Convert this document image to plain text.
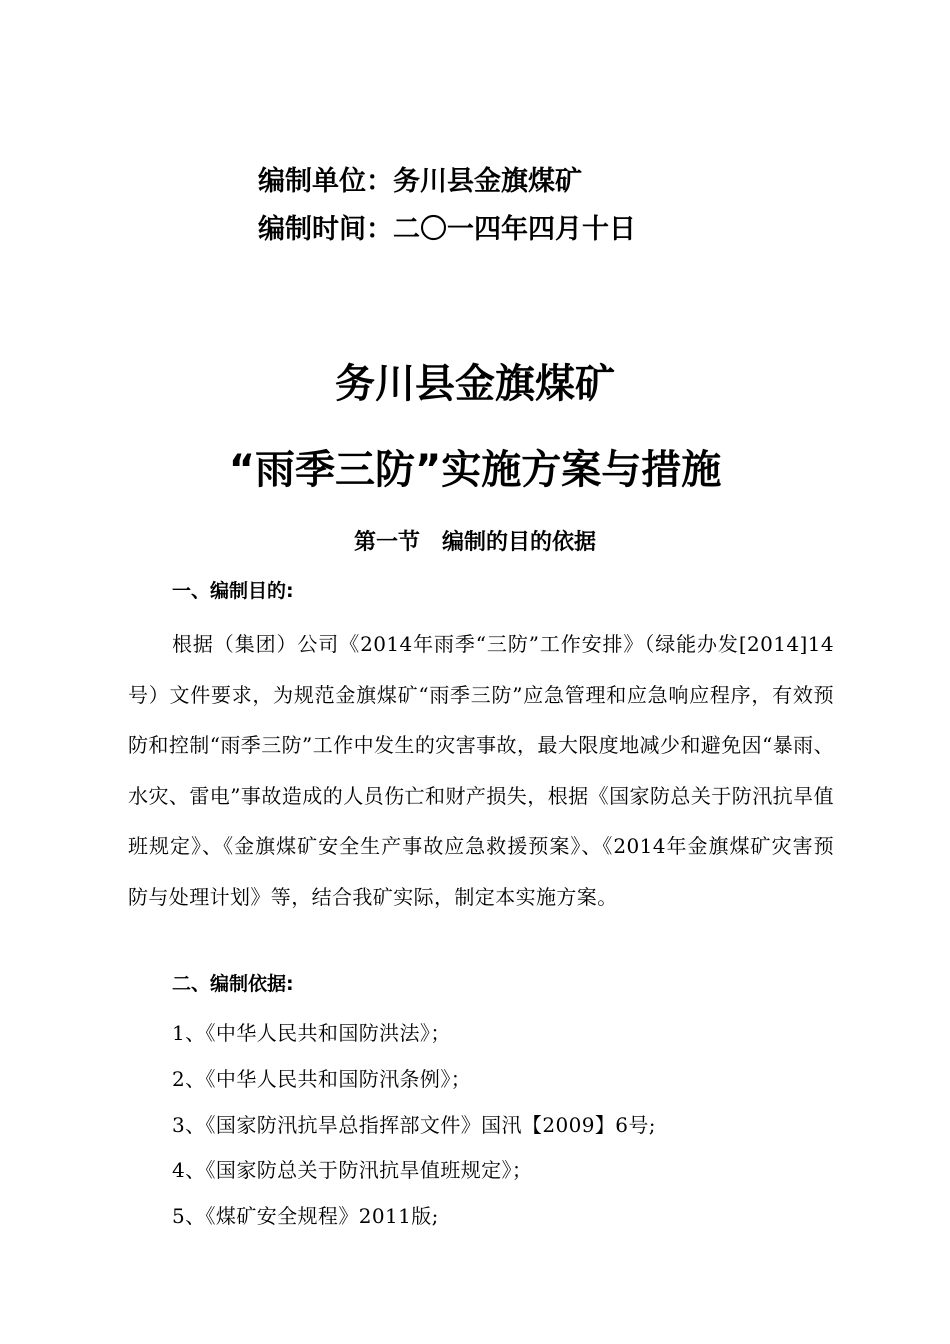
编制单位：务川县金旗煤矿
编制时间：二〇一四年四月十日
务川县金旗煤矿
“雨季三防”实施方案与措施
第一节　编制的目的依据
一、编制目的:

根据（集团）公司《2014年雨季“三防”工作安排》（绿能办发[2014]14号）文件要求，为规范金旗煤矿“雨季三防”应急管理和应急响应程序，有效预防和控制“雨季三防”工作中发生的灾害事故，最大限度地减少和避免因“暴雨、水灾、雷电”事故造成的人员伤亡和财产损失，根据《国家防总关于防汛抗旱值班规定》、《金旗煤矿安全生产事故应急救援预案》、《2014年金旗煤矿灾害预防与处理计划》等，结合我矿实际，制定本实施方案。

二、编制依据:
1、《中华人民共和国防洪法》；
2、《中华人民共和国防汛条例》；
3、《国家防汛抗旱总指挥部文件》国汛【2009】6号;
4、《国家防总关于防汛抗旱值班规定》；
5、《煤矿安全规程》2011版;
